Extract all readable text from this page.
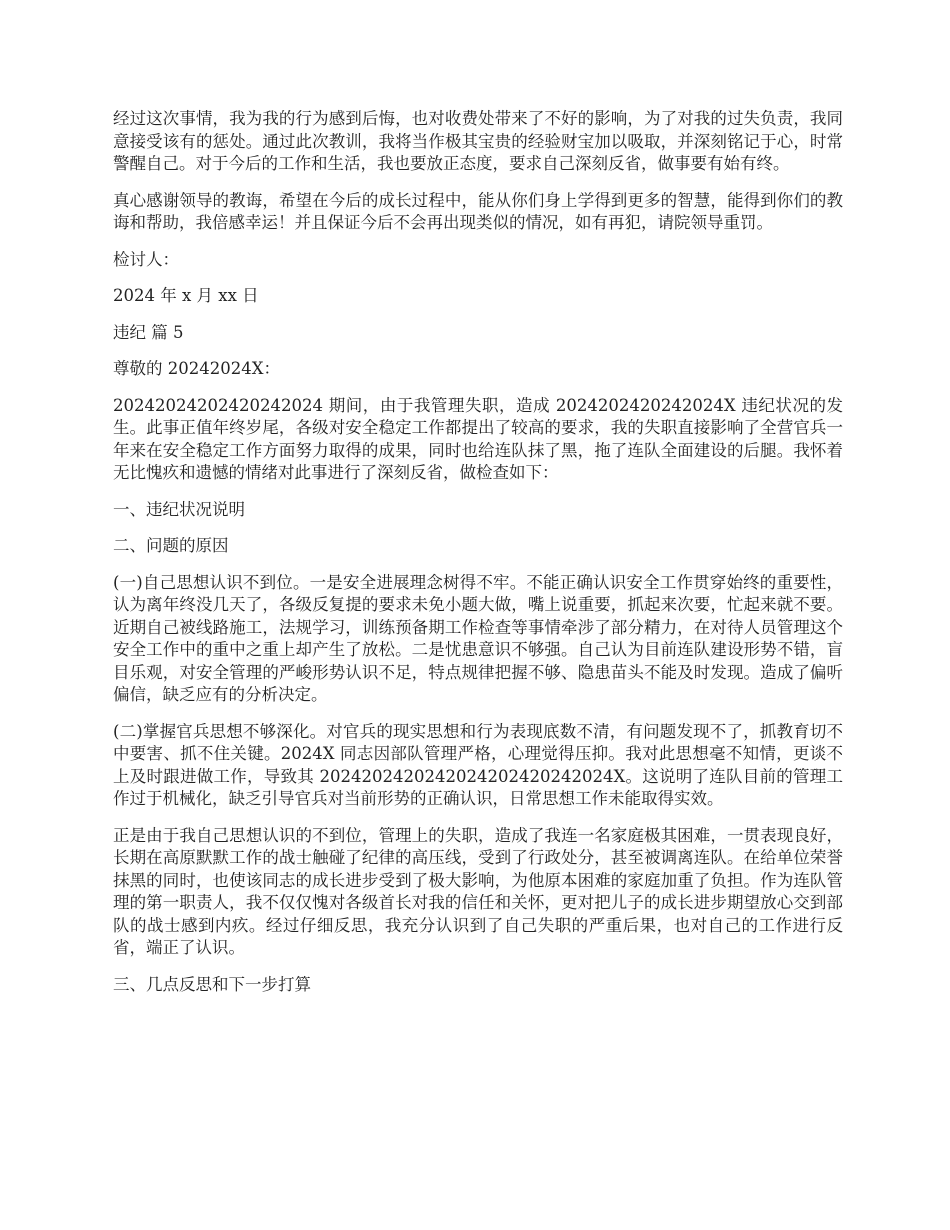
经过这次事情，我为我的行为感到后悔，也对收费处带来了不好的影响，为了对我的过失负责，我同意接受该有的惩处。通过此次教训，我将当作极其宝贵的经验财宝加以吸取，并深刻铭记于心，时常警醒自己。对于今后的工作和生活，我也要放正态度，要求自己深刻反省，做事要有始有终。

真心感谢领导的教诲，希望在今后的成长过程中，能从你们身上学得到更多的智慧，能得到你们的教诲和帮助，我倍感幸运！并且保证今后不会再出现类似的情况，如有再犯，请院领导重罚。

检讨人：

2024 年 x 月 xx 日

违纪 篇 5

尊敬的 20242024X：

20242024202420242024 期间，由于我管理失职，造成 2024202420242024X 违纪状况的发生。此事正值年终岁尾，各级对安全稳定工作都提出了较高的要求，我的失职直接影响了全营官兵一年来在安全稳定工作方面努力取得的成果，同时也给连队抹了黑，拖了连队全面建设的后腿。我怀着无比愧疚和遗憾的情绪对此事进行了深刻反省，做检查如下：

一、违纪状况说明

二、问题的原因

(一)自己思想认识不到位。一是安全进展理念树得不牢。不能正确认识安全工作贯穿始终的重要性，认为离年终没几天了，各级反复提的要求未免小题大做，嘴上说重要，抓起来次要，忙起来就不要。近期自己被线路施工，法规学习，训练预备期工作检查等事情牵涉了部分精力，在对待人员管理这个安全工作中的重中之重上却产生了放松。二是忧患意识不够强。自己认为目前连队建设形势不错，盲目乐观，对安全管理的严峻形势认识不足，特点规律把握不够、隐患苗头不能及时发现。造成了偏听偏信，缺乏应有的分析决定。

(二)掌握官兵思想不够深化。对官兵的现实思想和行为表现底数不清，有问题发现不了，抓教育切不中要害、抓不住关键。2024X 同志因部队管理严格，心理觉得压抑。我对此思想毫不知情，更谈不上及时跟进做工作，导致其 2024202420242024202420242024X。这说明了连队目前的管理工作过于机械化，缺乏引导官兵对当前形势的正确认识，日常思想工作未能取得实效。

正是由于我自己思想认识的不到位，管理上的失职，造成了我连一名家庭极其困难，一贯表现良好，长期在高原默默工作的战士触碰了纪律的高压线，受到了行政处分，甚至被调离连队。在给单位荣誉抹黑的同时，也使该同志的成长进步受到了极大影响，为他原本困难的家庭加重了负担。作为连队管理的第一职责人，我不仅仅愧对各级首长对我的信任和关怀，更对把儿子的成长进步期望放心交到部队的战士感到内疚。经过仔细反思，我充分认识到了自己失职的严重后果，也对自己的工作进行反省，端正了认识。

三、几点反思和下一步打算
